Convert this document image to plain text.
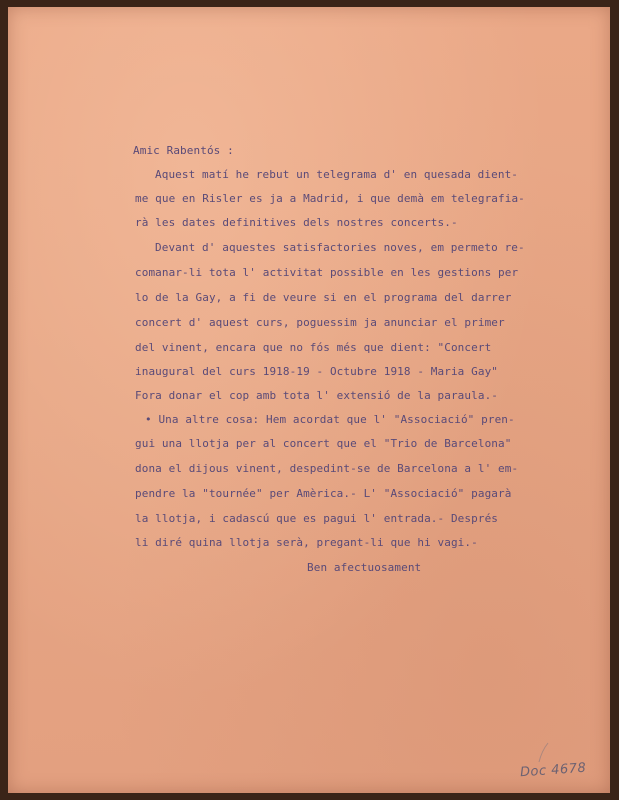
Amic Rabentós :

Aquest matí he rebut un telegrama d' en quesada dient-

me que en Risler es ja a Madrid, i que demà em telegrafia-

rà les dates definitives dels nostres concerts.-

Devant d' aquestes satisfactories noves, em permeto re-

comanar-li tota l' activitat possible en les gestions per

lo de la Gay, a fi de veure si en el programa del darrer

concert d' aquest curs, poguessim ja anunciar el primer

del vinent, encara que no fós més que dient: "Concert

inaugural del curs 1918-19 - Octubre 1918 - Maria Gay"

Fora donar el cop amb tota l' extensió de la paraula.-

• Una altre cosa: Hem acordat que l' "Associació" pren-

gui una llotja per al concert que el "Trio de Barcelona"

dona el dijous vinent, despedint-se de Barcelona a l' em-

pendre la "tournée" per Amèrica.- L' "Associació" pagarà

la llotja, i cadascú que es pagui l' entrada.- Després

li diré quina llotja serà, pregant-li que hi vagi.-

Ben afectuosament

Doc 4678
